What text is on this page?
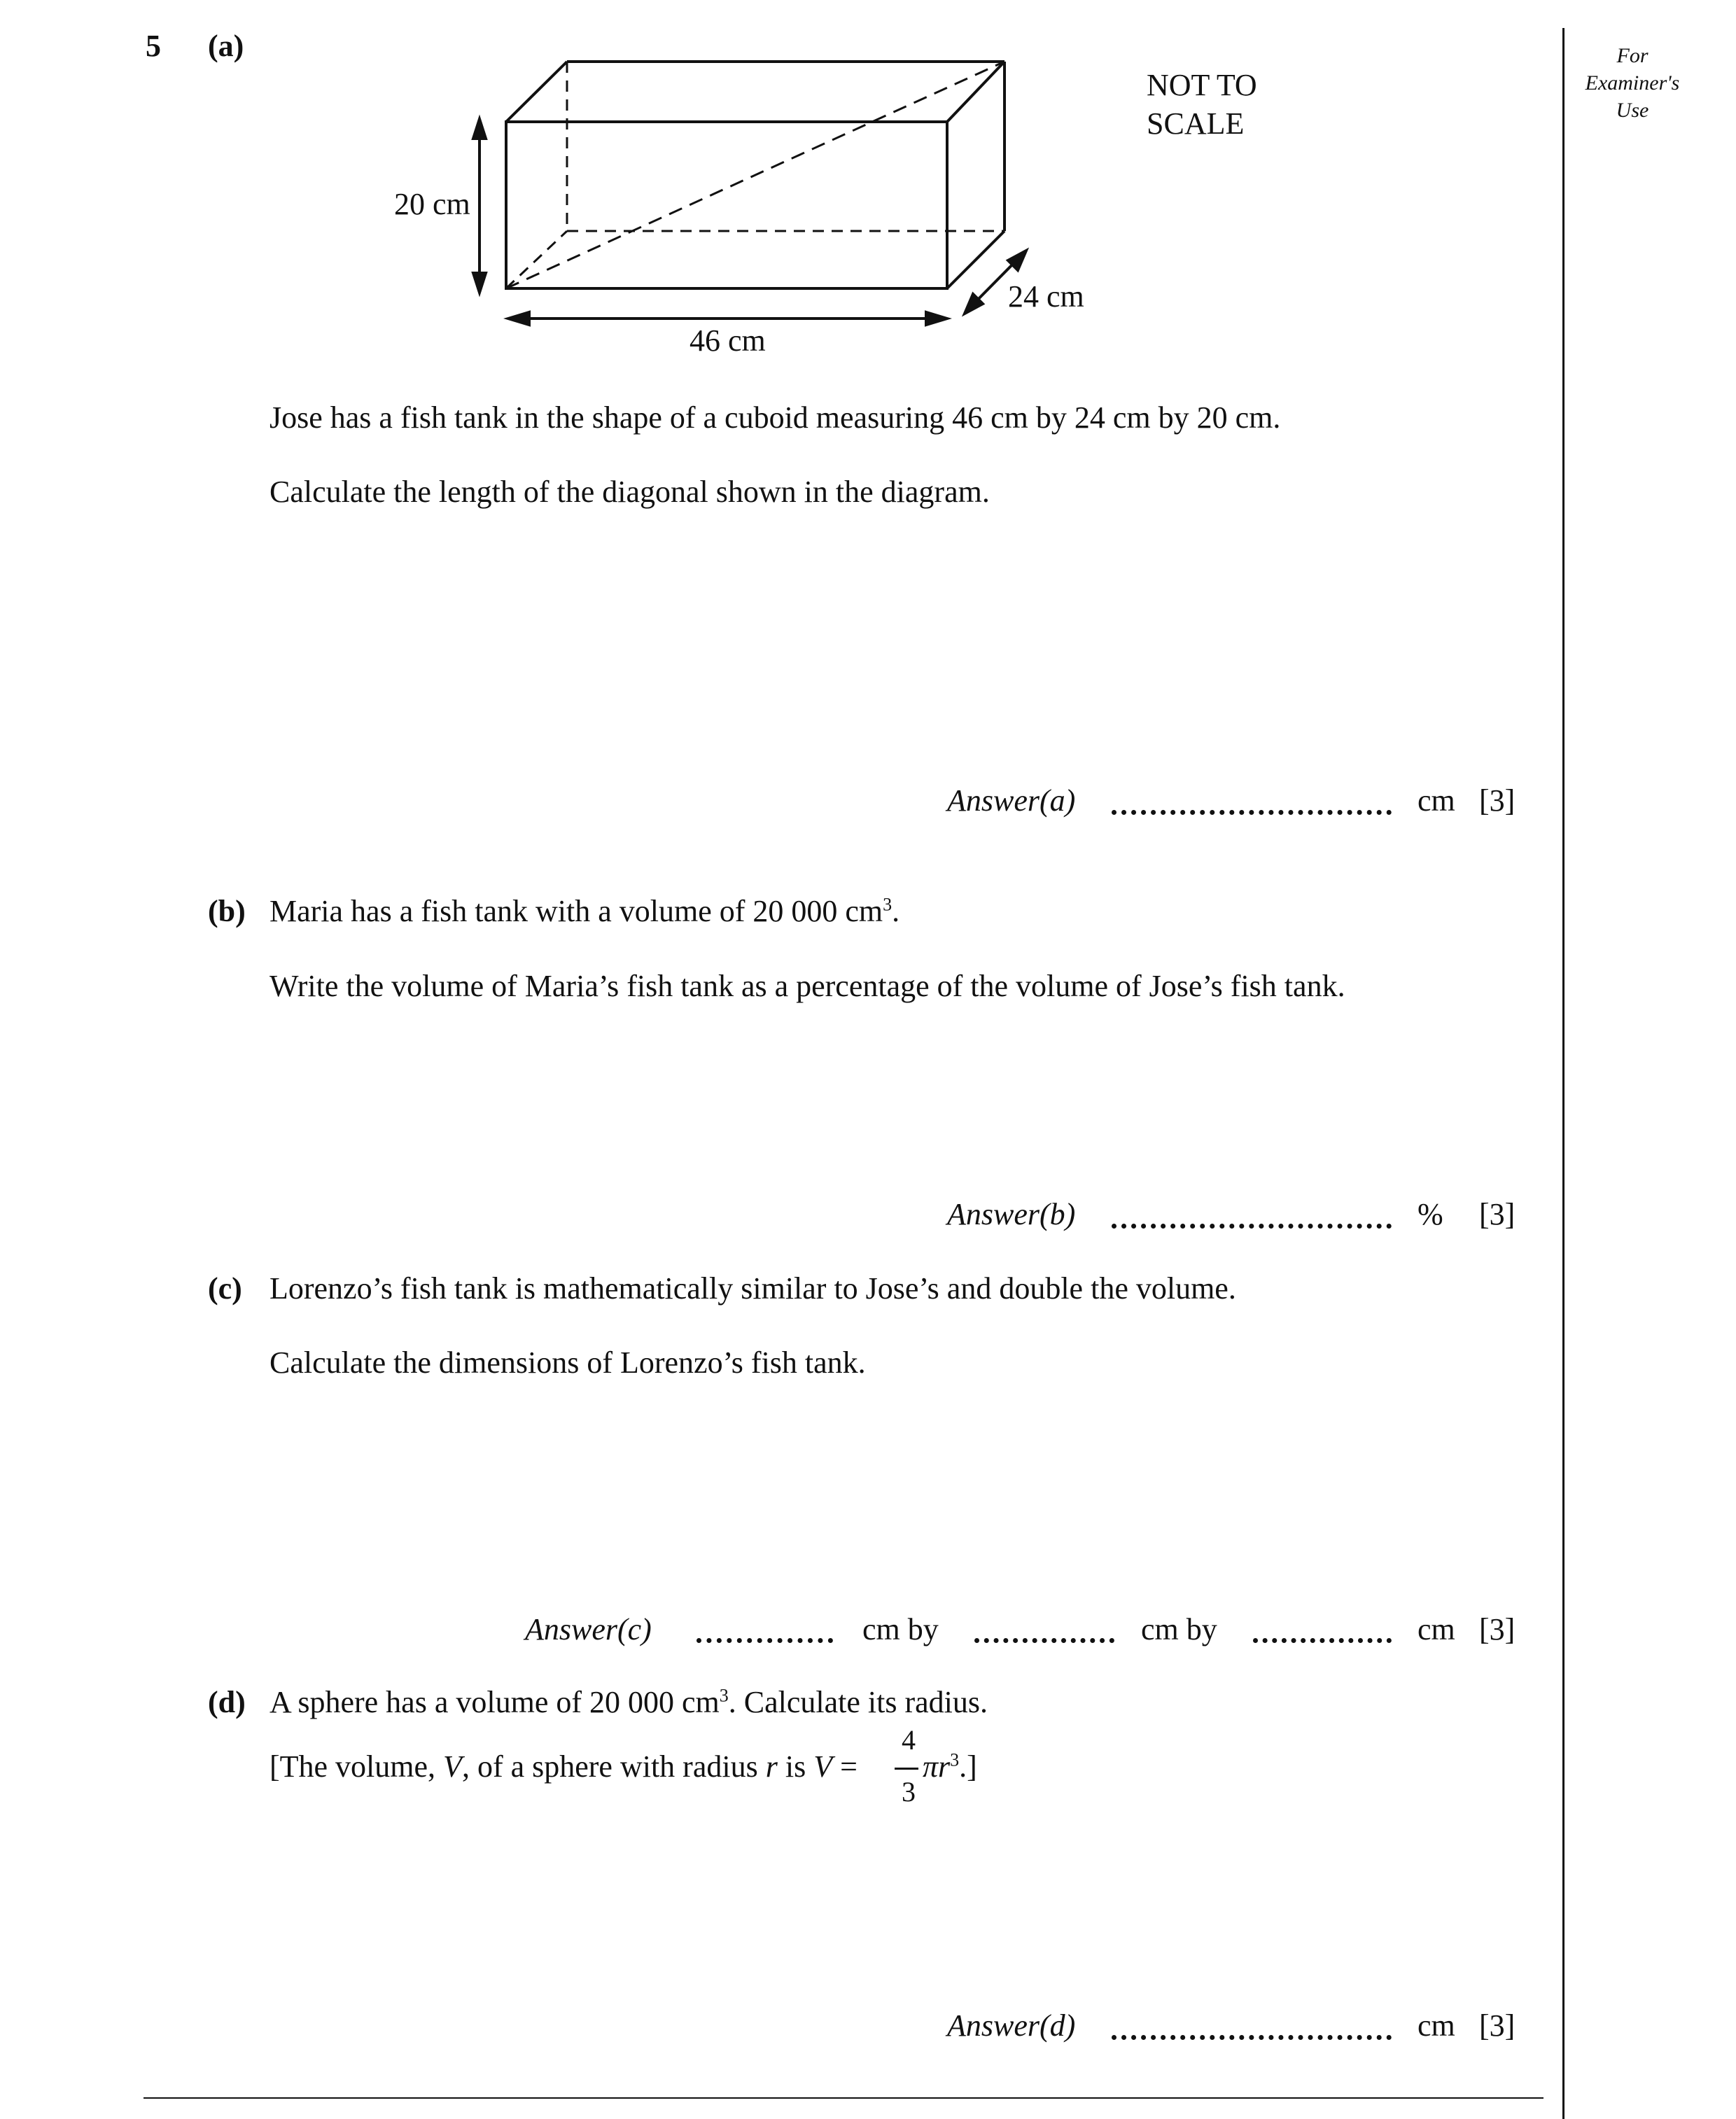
5	For
Examiner's
Use
(a)
NOT TO
SCALE
20 cm
46 cm
24 cm
Jose has a fish tank in the shape of a cuboid measuring 46 cm by 24 cm by 20 cm.
Calculate the length of the diagonal shown in the diagram.
Answer(a)	cm [3]
(b) Maria has a fish tank with a volume of 20 000 $cm^3$.
Write the volume of Maria’s fish tank as a percentage of the volume of Jose’s fish tank.
Answer(b)	% [3]
(c) Lorenzo’s fish tank is mathematically similar to Jose’s and double the volume.
Calculate the dimensions of Lorenzo’s fish tank.
Answer(c)	cm by	cm by	cm [3]
(d) A sphere has a volume of 20 000 $cm^3$. Calculate its radius.
[The volume, V, of a sphere with radius r is V =
4
3
$\pi r^3$.]
Answer(d)	cm [3]
